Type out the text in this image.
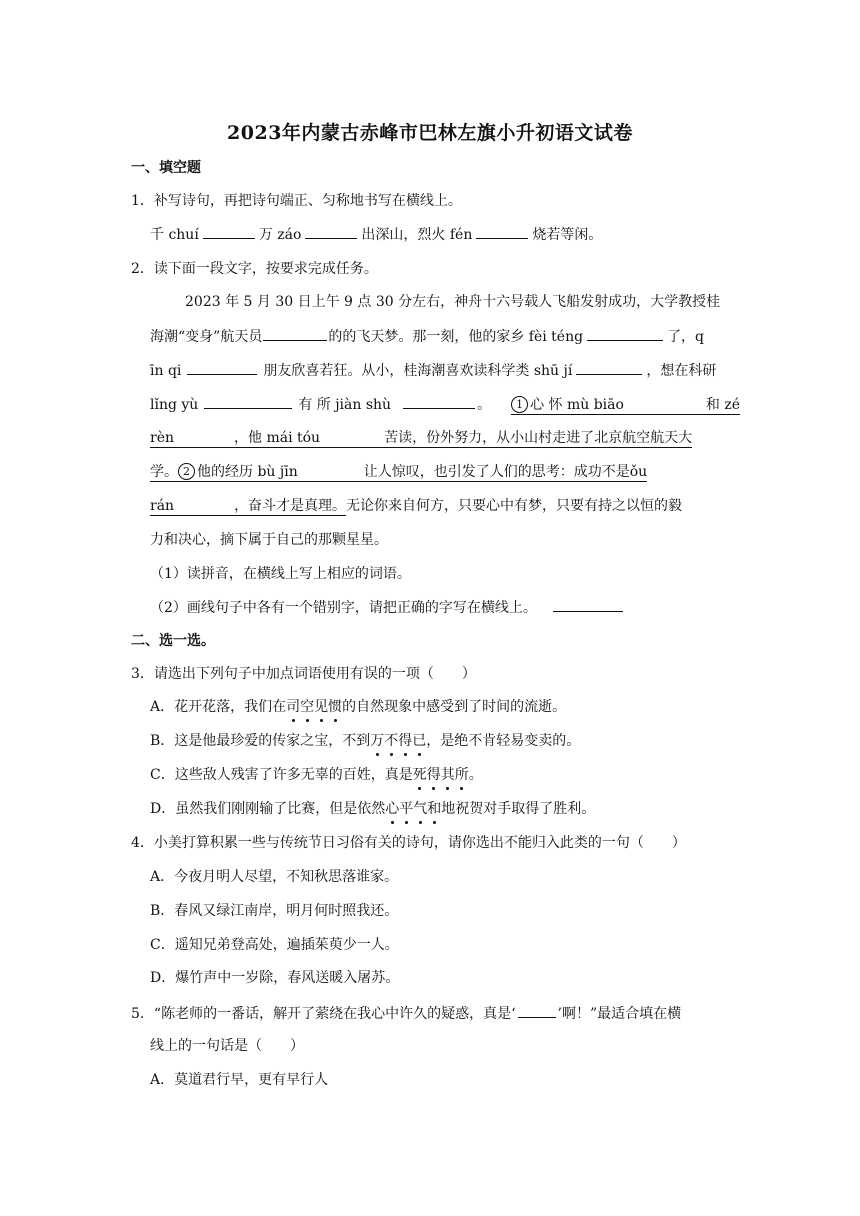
2023年内蒙古赤峰市巴林左旗小升初语文试卷
一、填空题
1．补写诗句，再把诗句端正、匀称地书写在横线上。
千 chuí	万 záo	出深山，烈火 fén	烧若等闲。
2．读下面一段文字，按要求完成任务。
2023 年 5 月 30 日上午 9 点 30 分左右，神舟十六号载人飞船发射成功，大学教授桂
海潮“变身”航天员	的的飞天梦。那一刻，他的家乡 fèi téng	了，q
īn qi	朋友欣喜若狂。从小，桂海潮喜欢读科学类 shū jí	，想在科研
lǐng yù	有 所 jiàn shù	。 1 心 怀 mù biāo	和 zé
rèn	，他 mái tóu	苦读，份外努力，从小山村走进了北京航空航天大
学。 2 他的经历 bù jīn	让人惊叹，也引发了人们的思考：成功不是ǒu
rán	，奋斗才是真理。无论你来自何方，只要心中有梦，只要有持之以恒的毅
力和决心，摘下属于自己的那颗星星。
（1）读拼音，在横线上写上相应的词语。
（2）画线句子中各有一个错别字，请把正确的字写在横线上。
二、选一选。
3．请选出下列句子中加点词语使用有误的一项（　　）
A．花开花落，我们在司空见惯的自然现象中感受到了时间的流逝。
B．这是他最珍爱的传家之宝，不到万不得已，是绝不肯轻易变卖的。
C．这些敌人残害了许多无辜的百姓，真是死得其所。
D．虽然我们刚刚输了比赛，但是依然心平气和地祝贺对手取得了胜利。
4．小美打算积累一些与传统节日习俗有关的诗句，请你选出不能归入此类的一句（　　）
A．今夜月明人尽望，不知秋思落谁家。
B．春风又绿江南岸，明月何时照我还。
C．遥知兄弟登高处，遍插茱萸少一人。
D．爆竹声中一岁除，春风送暖入屠苏。
5．“陈老师的一番话，解开了萦绕在我心中许久的疑惑，真是‘	’啊！”最适合填在横
线上的一句话是（　　）
A．莫道君行早，更有早行人
